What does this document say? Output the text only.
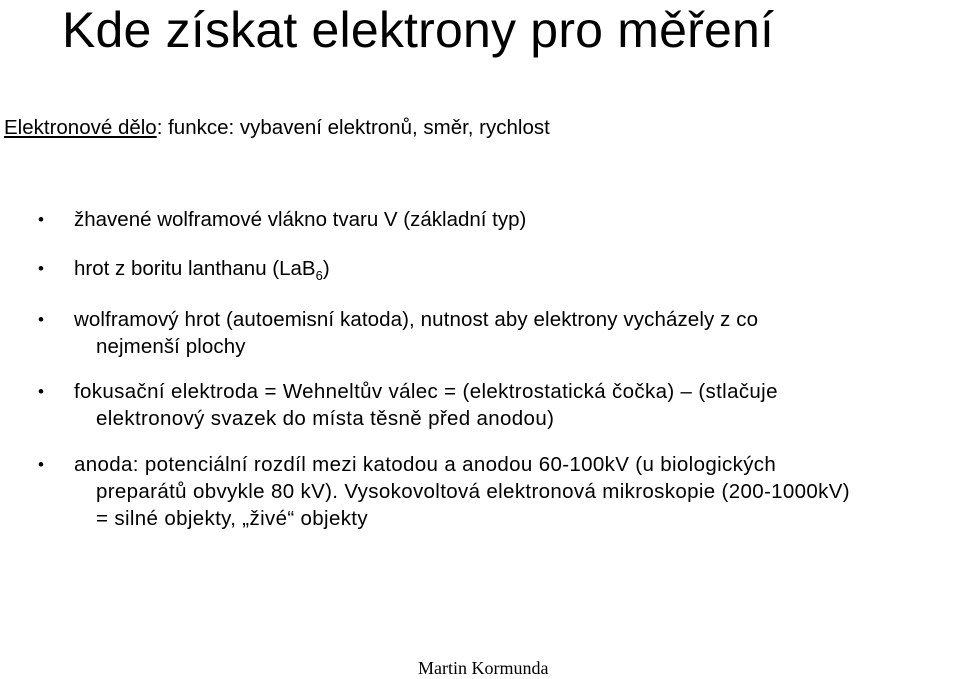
Kde získat elektrony pro měření

Elektronové dělo: funkce: vybavení elektronů, směr, rychlost

•	žhavené wolframové vlákno tvaru V (základní typ)
•	hrot z boritu lanthanu (LaB$_6$)
•	wolframový hrot (autoemisní katoda), nutnost aby elektrony vycházely z co
nejmenší plochy
•	fokusační elektroda = Wehneltův válec = (elektrostatická čočka) – (stlačuje
elektronový svazek do místa těsně před anodou)
•	anoda: potenciální rozdíl mezi katodou a anodou 60-100kV (u biologických
preparátů obvykle 80 kV). Vysokovoltová elektronová mikroskopie (200-1000kV)
= silné objekty, „živé“ objekty
Martin Kormunda
